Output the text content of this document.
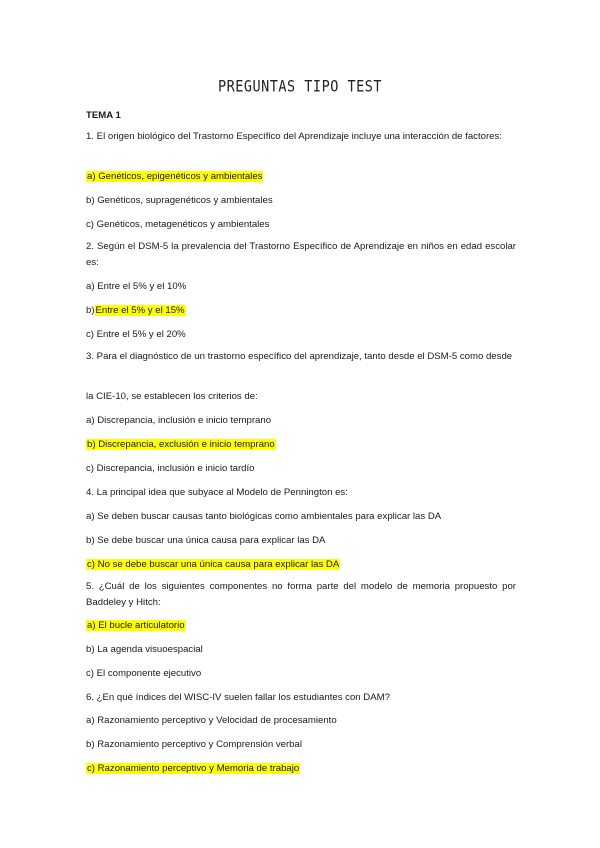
PREGUNTAS TIPO TEST
TEMA 1
1. El origen biológico del Trastorno Específico del Aprendizaje incluye una interacción de factores:
a) Genéticos, epigenéticos y ambientales
b) Genéticos, supragenéticos y ambientales
c) Genéticos, metagenéticos y ambientales
2. Según el DSM-5 la prevalencia del Trastorno Específico de Aprendizaje en niños en edad escolar es:
a) Entre el 5% y el 10%
b)Entre el 5% y el 15%
c) Entre el 5% y el 20%
3. Para el diagnóstico de un trastorno específico del aprendizaje, tanto desde el DSM-5 como desde
la CIE-10, se establecen los criterios de:
a) Discrepancia, inclusión e inicio temprano
b) Discrepancia, exclusión e inicio temprano
c) Discrepancia, inclusión e inicio tardío
4. La principal idea que subyace al Modelo de Pennington es:
a) Se deben buscar causas tanto biológicas como ambientales para explicar las DA
b) Se debe buscar una única causa para explicar las DA
c) No se debe buscar una única causa para explicar las DA
5. ¿Cuál de los siguientes componentes no forma parte del modelo de memoria propuesto por Baddeley y Hitch:
a) El bucle articulatorio
b) La agenda visuoespacial
c) El componente ejecutivo
6. ¿En qué índices del WISC-IV suelen fallar los estudiantes con DAM?
a) Razonamiento perceptivo y Velocidad de procesamiento
b) Razonamiento perceptivo y Comprensión verbal
c) Razonamiento perceptivo y Memoria de trabajo
